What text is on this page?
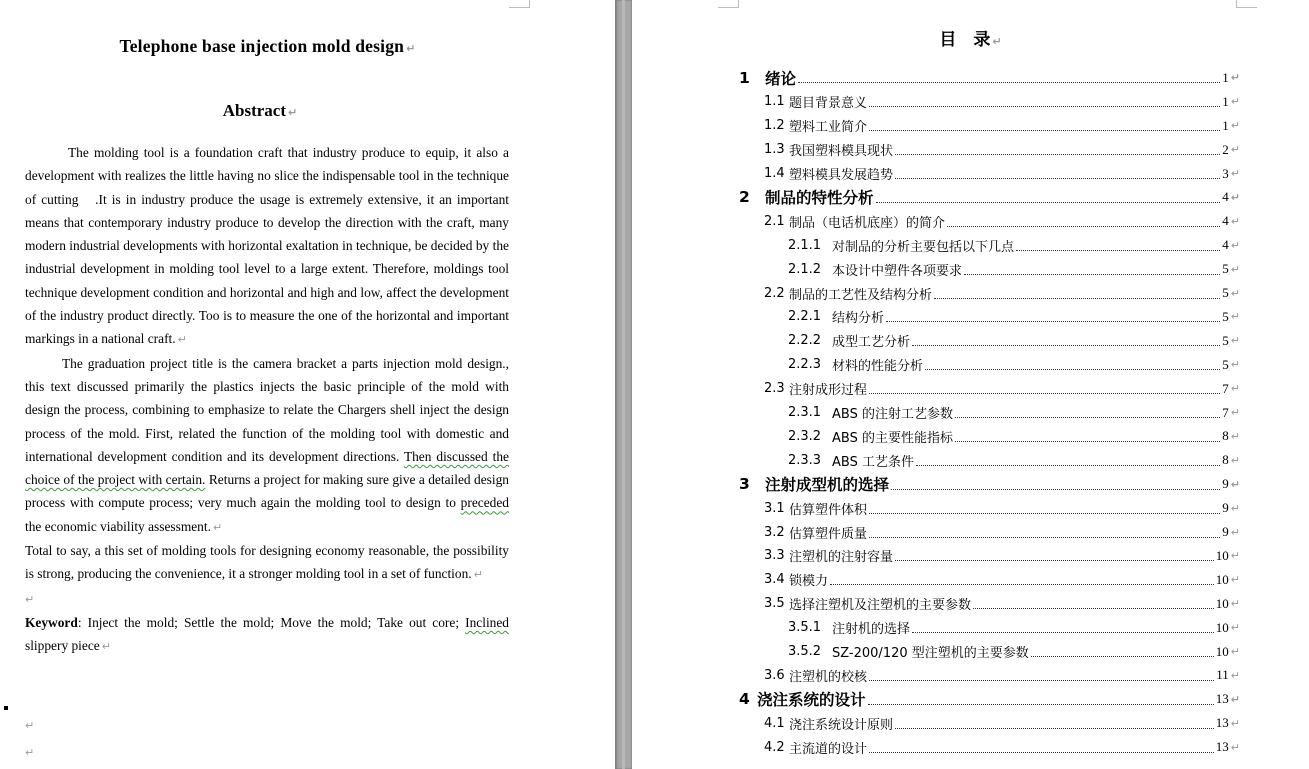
Telephone base injection mold design ↵
Abstract ↵

The molding tool is a foundation craft that industry produce to equip, it also a development with realizes the little having no slice the indispensable tool in the technique of cutting　.It is in industry produce the usage is extremely extensive, it an important means that contemporary industry produce to develop the direction with the craft, many modern industrial developments with horizontal exaltation in technique, be decided by the industrial development in molding tool level to a large extent. Therefore, moldings tool technique development condition and horizontal and high and low, affect the development of the industry product directly. Too is to measure the one of the horizontal and important markings in a national craft. ↵

The graduation project title is the camera bracket a parts injection mold design., this text discussed primarily the plastics injects the basic principle of the mold with design the process, combining to emphasize to relate the Chargers shell inject the design process of the mold. First, related the function of the molding tool with domestic and international development condition and its development directions. Then discussed the choice of the project with certain. Returns a project for making sure give a detailed design process with compute process; very much again the molding tool to design to preceded the economic viability assessment. ↵

Total to say, a this set of molding tools for designing economy reasonable, the possibility is strong, producing the convenience, it a stronger molding tool in a set of function. ↵

↵

Keyword: Inject the mold; Settle the mold; Move the mold; Take out core; Inclined slippery piece ↵

↵
↵
目　录 ↵
1 绪论	1 ↵
1.1 题目背景意义	1 ↵
1.2 塑料工业简介	1 ↵
1.3 我国塑料模具现状	2 ↵
1.4 塑料模具发展趋势	3 ↵
2 制品的特性分析	4 ↵
2.1 制品（电话机底座）的简介	4 ↵
2.1.1 对制品的分析主要包括以下几点	4 ↵
2.1.2 本设计中塑件各项要求	5 ↵
2.2 制品的工艺性及结构分析	5 ↵
2.2.1 结构分析	5 ↵
2.2.2 成型工艺分析	5 ↵
2.2.3 材料的性能分析	5 ↵
2.3 注射成形过程	7 ↵
2.3.1 ABS 的注射工艺参数	7 ↵
2.3.2 ABS 的主要性能指标	8 ↵
2.3.3 ABS 工艺条件	8 ↵
3 注射成型机的选择	9 ↵
3.1 估算塑件体积	9 ↵
3.2 估算塑件质量	9 ↵
3.3 注塑机的注射容量	10 ↵
3.4 锁模力	10 ↵
3.5 选择注塑机及注塑机的主要参数	10 ↵
3.5.1 注射机的选择	10 ↵
3.5.2 SZ-200/120 型注塑机的主要参数	10 ↵
3.6 注塑机的校核	11 ↵
4 浇注系统的设计	13 ↵
4.1 浇注系统设计原则	13 ↵
4.2 主流道的设计	13 ↵
